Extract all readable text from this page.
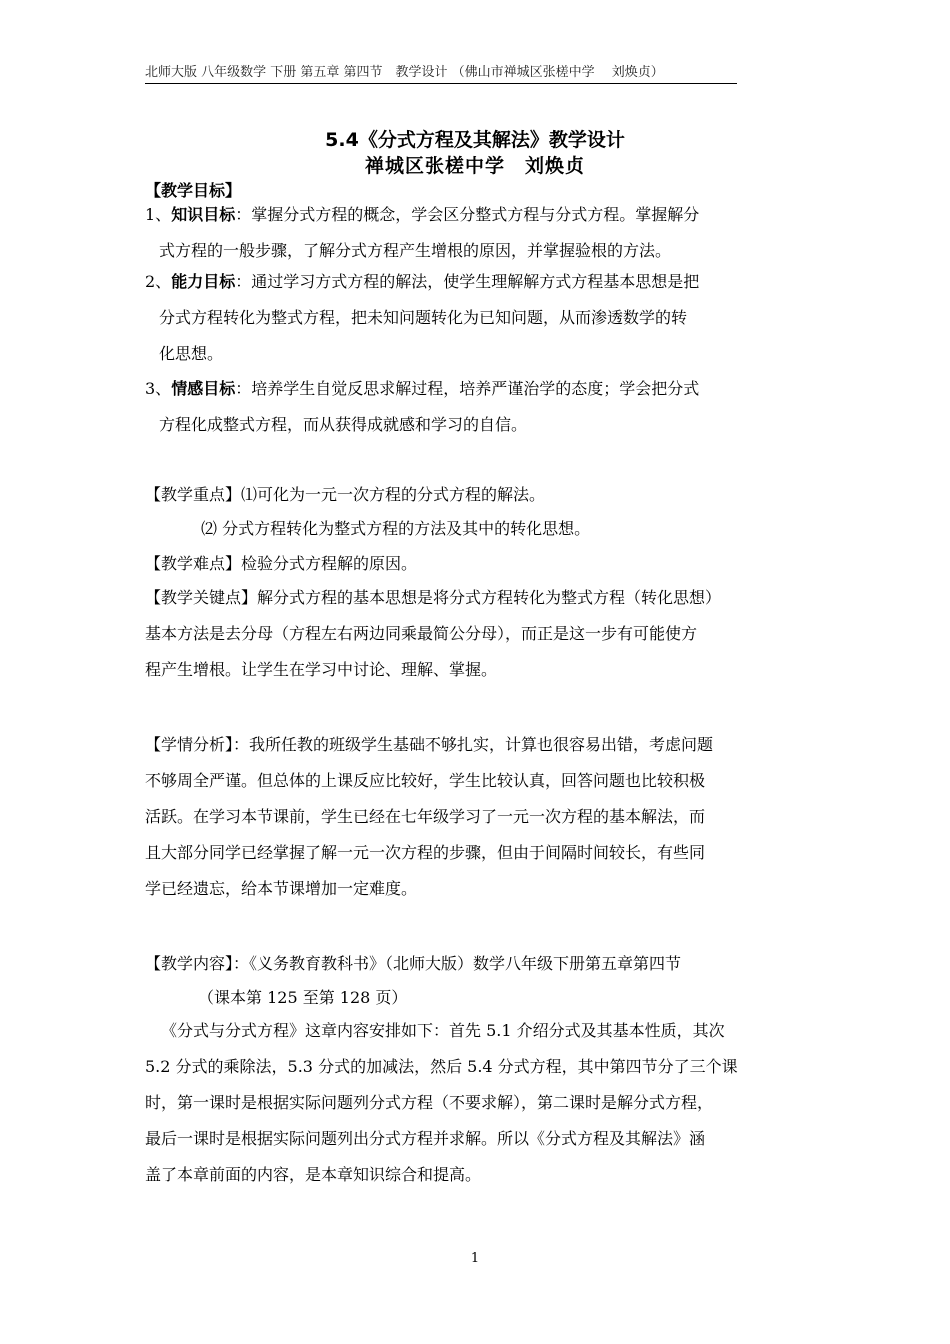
北师大版 八年级数学 下册 第五章 第四节　教学设计 （佛山市禅城区张槎中学　 刘焕贞）
5.4《分式方程及其解法》教学设计
禅城区张槎中学　刘焕贞
【教学目标】
1、知识目标：掌握分式方程的概念，学会区分整式方程与分式方程。掌握解分
式方程的一般步骤，了解分式方程产生增根的原因，并掌握验根的方法。
2、能力目标：通过学习方式方程的解法，使学生理解解方式方程基本思想是把
分式方程转化为整式方程，把未知问题转化为已知问题，从而渗透数学的转
化思想。
3、情感目标：培养学生自觉反思求解过程，培养严谨治学的态度；学会把分式
方程化成整式方程，而从获得成就感和学习的自信。
【教学重点】⑴可化为一元一次方程的分式方程的解法。
⑵ 分式方程转化为整式方程的方法及其中的转化思想。
【教学难点】检验分式方程解的原因。
【教学关键点】解分式方程的基本思想是将分式方程转化为整式方程（转化思想）
基本方法是去分母（方程左右两边同乘最简公分母），而正是这一步有可能使方
程产生增根。让学生在学习中讨论、理解、掌握。
【学情分析】：我所任教的班级学生基础不够扎实，计算也很容易出错，考虑问题
不够周全严谨。但总体的上课反应比较好，学生比较认真，回答问题也比较积极
活跃。在学习本节课前，学生已经在七年级学习了一元一次方程的基本解法，而
且大部分同学已经掌握了解一元一次方程的步骤，但由于间隔时间较长，有些同
学已经遗忘，给本节课增加一定难度。
【教学内容】：《义务教育教科书》（北师大版）数学八年级下册第五章第四节
（课本第 125 至第 128 页）
《分式与分式方程》这章内容安排如下：首先 5.1 介绍分式及其基本性质，其次
5.2 分式的乘除法，5.3 分式的加减法，然后 5.4 分式方程，其中第四节分了三个课
时，第一课时是根据实际问题列分式方程（不要求解），第二课时是解分式方程，
最后一课时是根据实际问题列出分式方程并求解。所以《分式方程及其解法》涵
盖了本章前面的内容，是本章知识综合和提高。
1
